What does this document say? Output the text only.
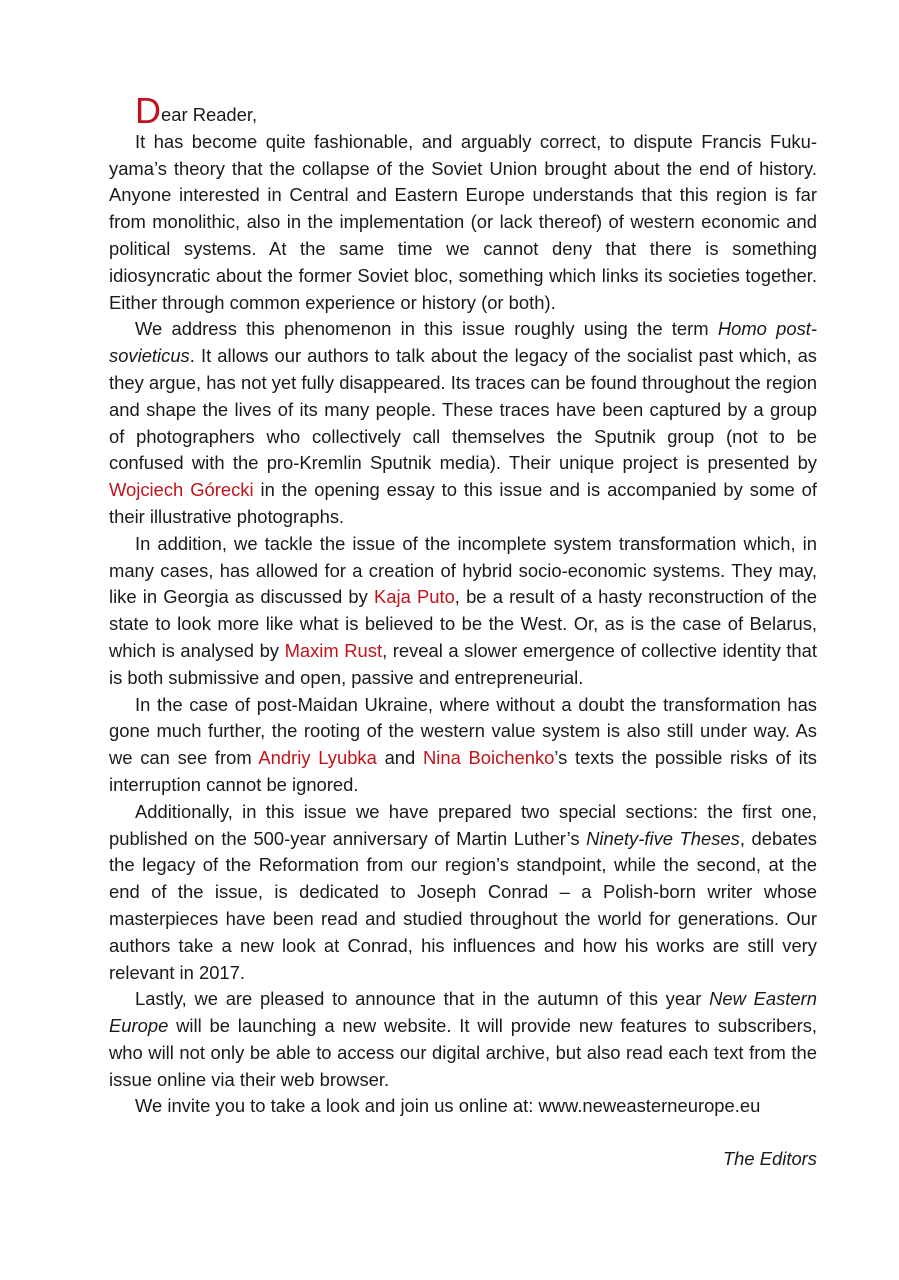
Dear Reader,

It has become quite fashionable, and arguably correct, to dispute Francis Fukuyama’s theory that the collapse of the Soviet Union brought about the end of history. Anyone interested in Central and Eastern Europe understands that this region is far from monolithic, also in the implementation (or lack thereof) of western economic and political systems. At the same time we cannot deny that there is something idiosyncratic about the former Soviet bloc, something which links its societies together. Either through common experience or history (or both).

We address this phenomenon in this issue roughly using the term Homo postsovieticus. It allows our authors to talk about the legacy of the socialist past which, as they argue, has not yet fully disappeared. Its traces can be found throughout the region and shape the lives of its many people. These traces have been captured by a group of photographers who collectively call themselves the Sputnik group (not to be confused with the pro-Kremlin Sputnik media). Their unique project is presented by Wojciech Górecki in the opening essay to this issue and is accompanied by some of their illustrative photographs.

In addition, we tackle the issue of the incomplete system transformation which, in many cases, has allowed for a creation of hybrid socio-economic systems. They may, like in Georgia as discussed by Kaja Puto, be a result of a hasty reconstruction of the state to look more like what is believed to be the West. Or, as is the case of Belarus, which is analysed by Maxim Rust, reveal a slower emergence of collective identity that is both submissive and open, passive and entrepreneurial.

In the case of post-Maidan Ukraine, where without a doubt the transformation has gone much further, the rooting of the western value system is also still under way. As we can see from Andriy Lyubka and Nina Boichenko’s texts the possible risks of its interruption cannot be ignored.

Additionally, in this issue we have prepared two special sections: the first one, published on the 500-year anniversary of Martin Luther’s Ninety-five Theses, debates the legacy of the Reformation from our region’s standpoint, while the second, at the end of the issue, is dedicated to Joseph Conrad – a Polish-born writer whose masterpieces have been read and studied throughout the world for generations. Our authors take a new look at Conrad, his influences and how his works are still very relevant in 2017.

Lastly, we are pleased to announce that in the autumn of this year New Eastern Europe will be launching a new website. It will provide new features to subscribers, who will not only be able to access our digital archive, but also read each text from the issue online via their web browser.

We invite you to take a look and join us online at: www.neweasterneurope.eu

The Editors
